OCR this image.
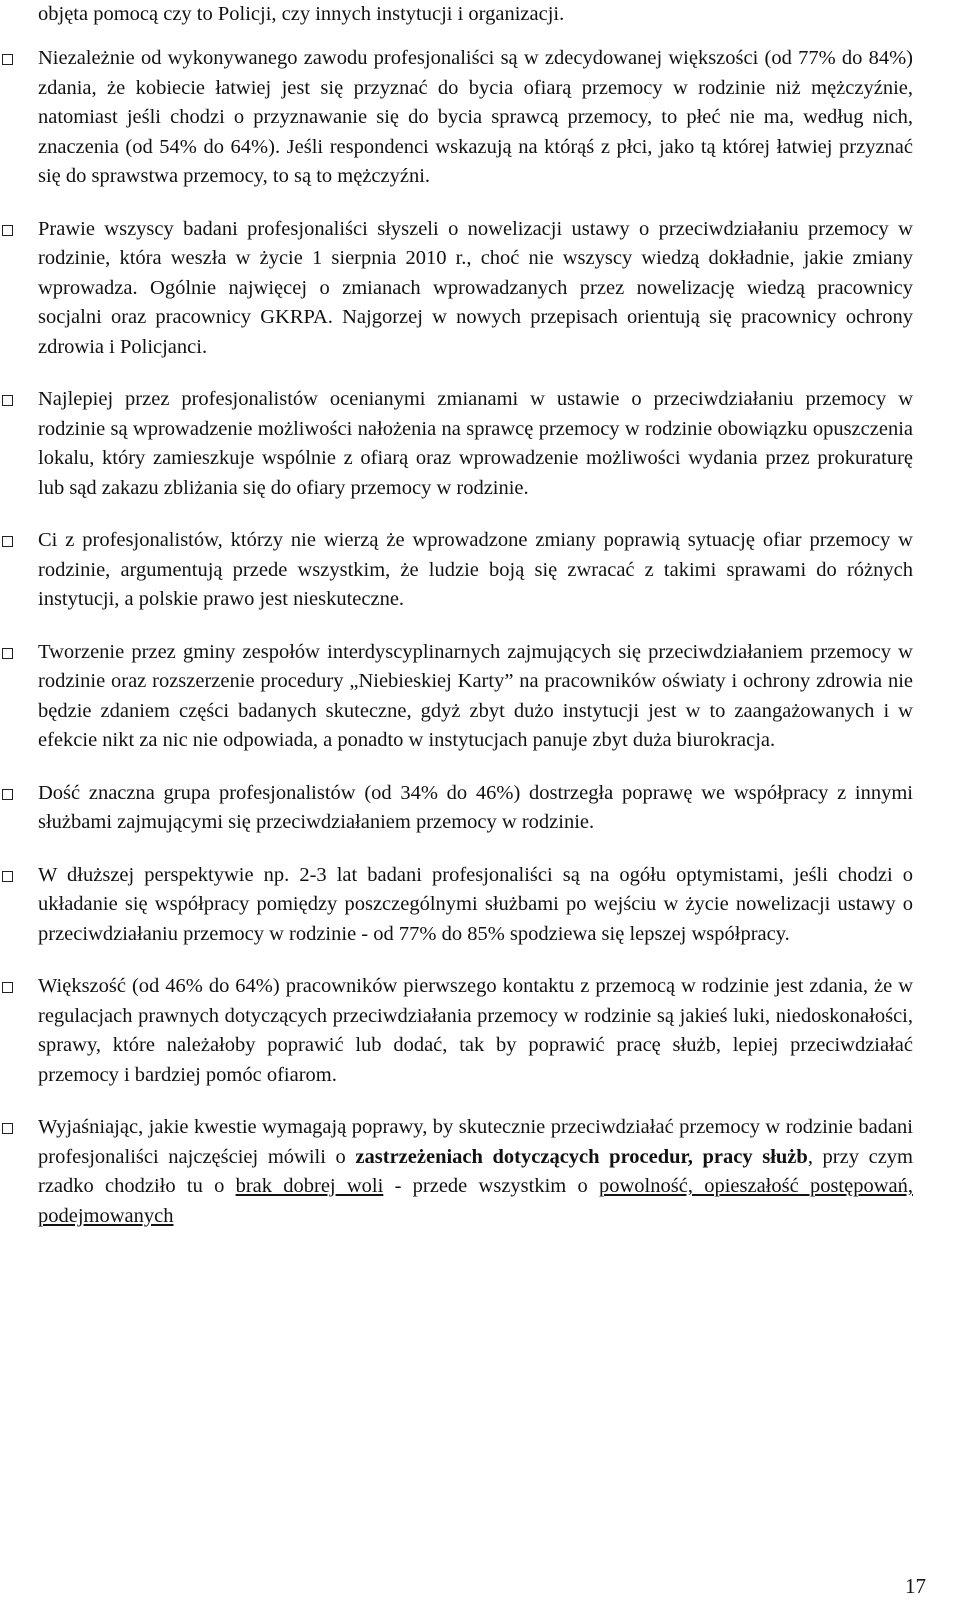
objęta pomocą czy to Policji, czy innych instytucji i organizacji.

Niezależnie od wykonywanego zawodu profesjonaliści są w zdecydowanej większości (od 77% do 84%) zdania, że kobiecie łatwiej jest się przyznać do bycia ofiarą przemocy w rodzinie niż mężczyźnie, natomiast jeśli chodzi o przyznawanie się do bycia sprawcą przemocy, to płeć nie ma, według nich, znaczenia (od 54% do 64%). Jeśli respondenci wskazują na którąś z płci, jako tą której łatwiej przyznać się do sprawstwa przemocy, to są to mężczyźni.

Prawie wszyscy badani profesjonaliści słyszeli o nowelizacji ustawy o przeciwdziałaniu przemocy w rodzinie, która weszła w życie 1 sierpnia 2010 r., choć nie wszyscy wiedzą dokładnie, jakie zmiany wprowadza. Ogólnie najwięcej o zmianach wprowadzanych przez nowelizację wiedzą pracownicy socjalni oraz pracownicy GKRPA. Najgorzej w nowych przepisach orientują się pracownicy ochrony zdrowia i Policjanci.

Najlepiej przez profesjonalistów ocenianymi zmianami w ustawie o przeciwdziałaniu przemocy w rodzinie są wprowadzenie możliwości nałożenia na sprawcę przemocy w rodzinie obowiązku opuszczenia lokalu, który zamieszkuje wspólnie z ofiarą oraz wprowadzenie możliwości wydania przez prokuraturę lub sąd zakazu zbliżania się do ofiary przemocy w rodzinie.

Ci z profesjonalistów, którzy nie wierzą że wprowadzone zmiany poprawią sytuację ofiar przemocy w rodzinie, argumentują przede wszystkim, że ludzie boją się zwracać z takimi sprawami do różnych instytucji, a polskie prawo jest nieskuteczne.

Tworzenie przez gminy zespołów interdyscyplinarnych zajmujących się przeciwdziałaniem przemocy w rodzinie oraz rozszerzenie procedury „Niebieskiej Karty” na pracowników oświaty i ochrony zdrowia nie będzie zdaniem części badanych skuteczne, gdyż zbyt dużo instytucji jest w to zaangażowanych i w efekcie nikt za nic nie odpowiada, a ponadto w instytucjach panuje zbyt duża biurokracja.

Dość znaczna grupa profesjonalistów (od 34% do 46%) dostrzegła poprawę we współpracy z innymi służbami zajmującymi się przeciwdziałaniem przemocy w rodzinie.

W dłuższej perspektywie np. 2-3 lat badani profesjonaliści są na ogółu optymistami, jeśli chodzi o układanie się współpracy pomiędzy poszczególnymi służbami po wejściu w życie nowelizacji ustawy o przeciwdziałaniu przemocy w rodzinie - od 77% do 85% spodziewa się lepszej współpracy.

Większość (od 46% do 64%) pracowników pierwszego kontaktu z przemocą w rodzinie jest zdania, że w regulacjach prawnych dotyczących przeciwdziałania przemocy w rodzinie są jakieś luki, niedoskonałości, sprawy, które należałoby poprawić lub dodać, tak by poprawić pracę służb, lepiej przeciwdziałać przemocy i bardziej pomóc ofiarom.

Wyjaśniając, jakie kwestie wymagają poprawy, by skutecznie przeciwdziałać przemocy w rodzinie badani profesjonaliści najczęściej mówili o zastrzeżeniach dotyczących procedur, pracy służb, przy czym rzadko chodziło tu o brak dobrej woli - przede wszystkim o powolność, opieszałość postępowań, podejmowanych

17
